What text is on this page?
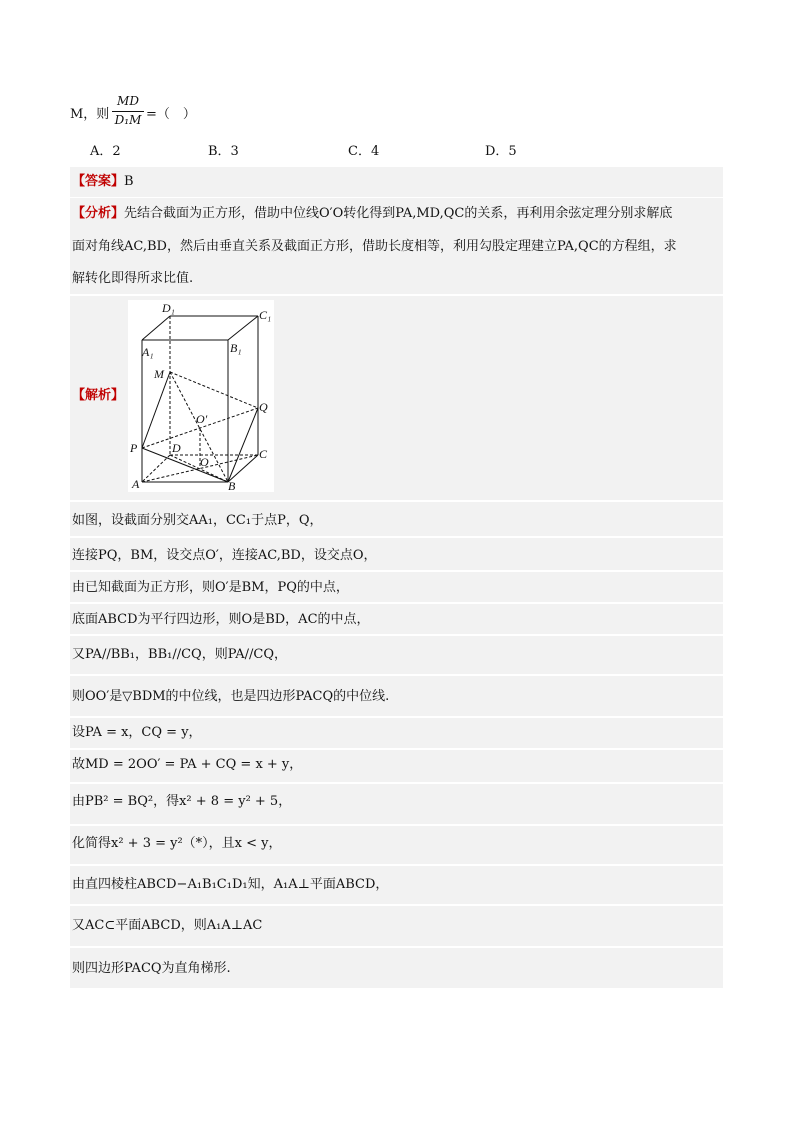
M，则
MD
D₁M =（　）
A．2	B．3	C．4	D．5
【答案】B
【分析】先结合截面为正方形，借助中位线O′O转化得到PA,MD,QC的关系，再利用余弦定理分别求解底
面对角线AC,BD，然后由垂直关系及截面正方形，借助长度相等，利用勾股定理建立PA,QC的方程组，求
解转化即得所求比值.
【解析】
D₁	C₁
A₁	B₁
M
Q
O′
P	D
O
C
A	B
如图，设截面分别交AA₁，CC₁于点P，Q，
连接PQ，BM，设交点O′，连接AC,BD，设交点O，
由已知截面为正方形，则O′是BM，PQ的中点，
底面ABCD为平行四边形，则O是BD，AC的中点，
又PA//BB₁，BB₁//CQ，则PA//CQ，
则OO′是▽BDM的中位线，也是四边形PACQ的中位线.
设PA = x，CQ = y，
故MD = 2OO′ = PA + CQ = x + y，
由PB² = BQ²，得x² + 8 = y² + 5，
化简得x² + 3 = y²（*），且x < y，
由直四棱柱ABCD−A₁B₁C₁D₁知，A₁A⊥平面ABCD，
又AC⊂平面ABCD，则A₁A⊥AC
则四边形PACQ为直角梯形.
